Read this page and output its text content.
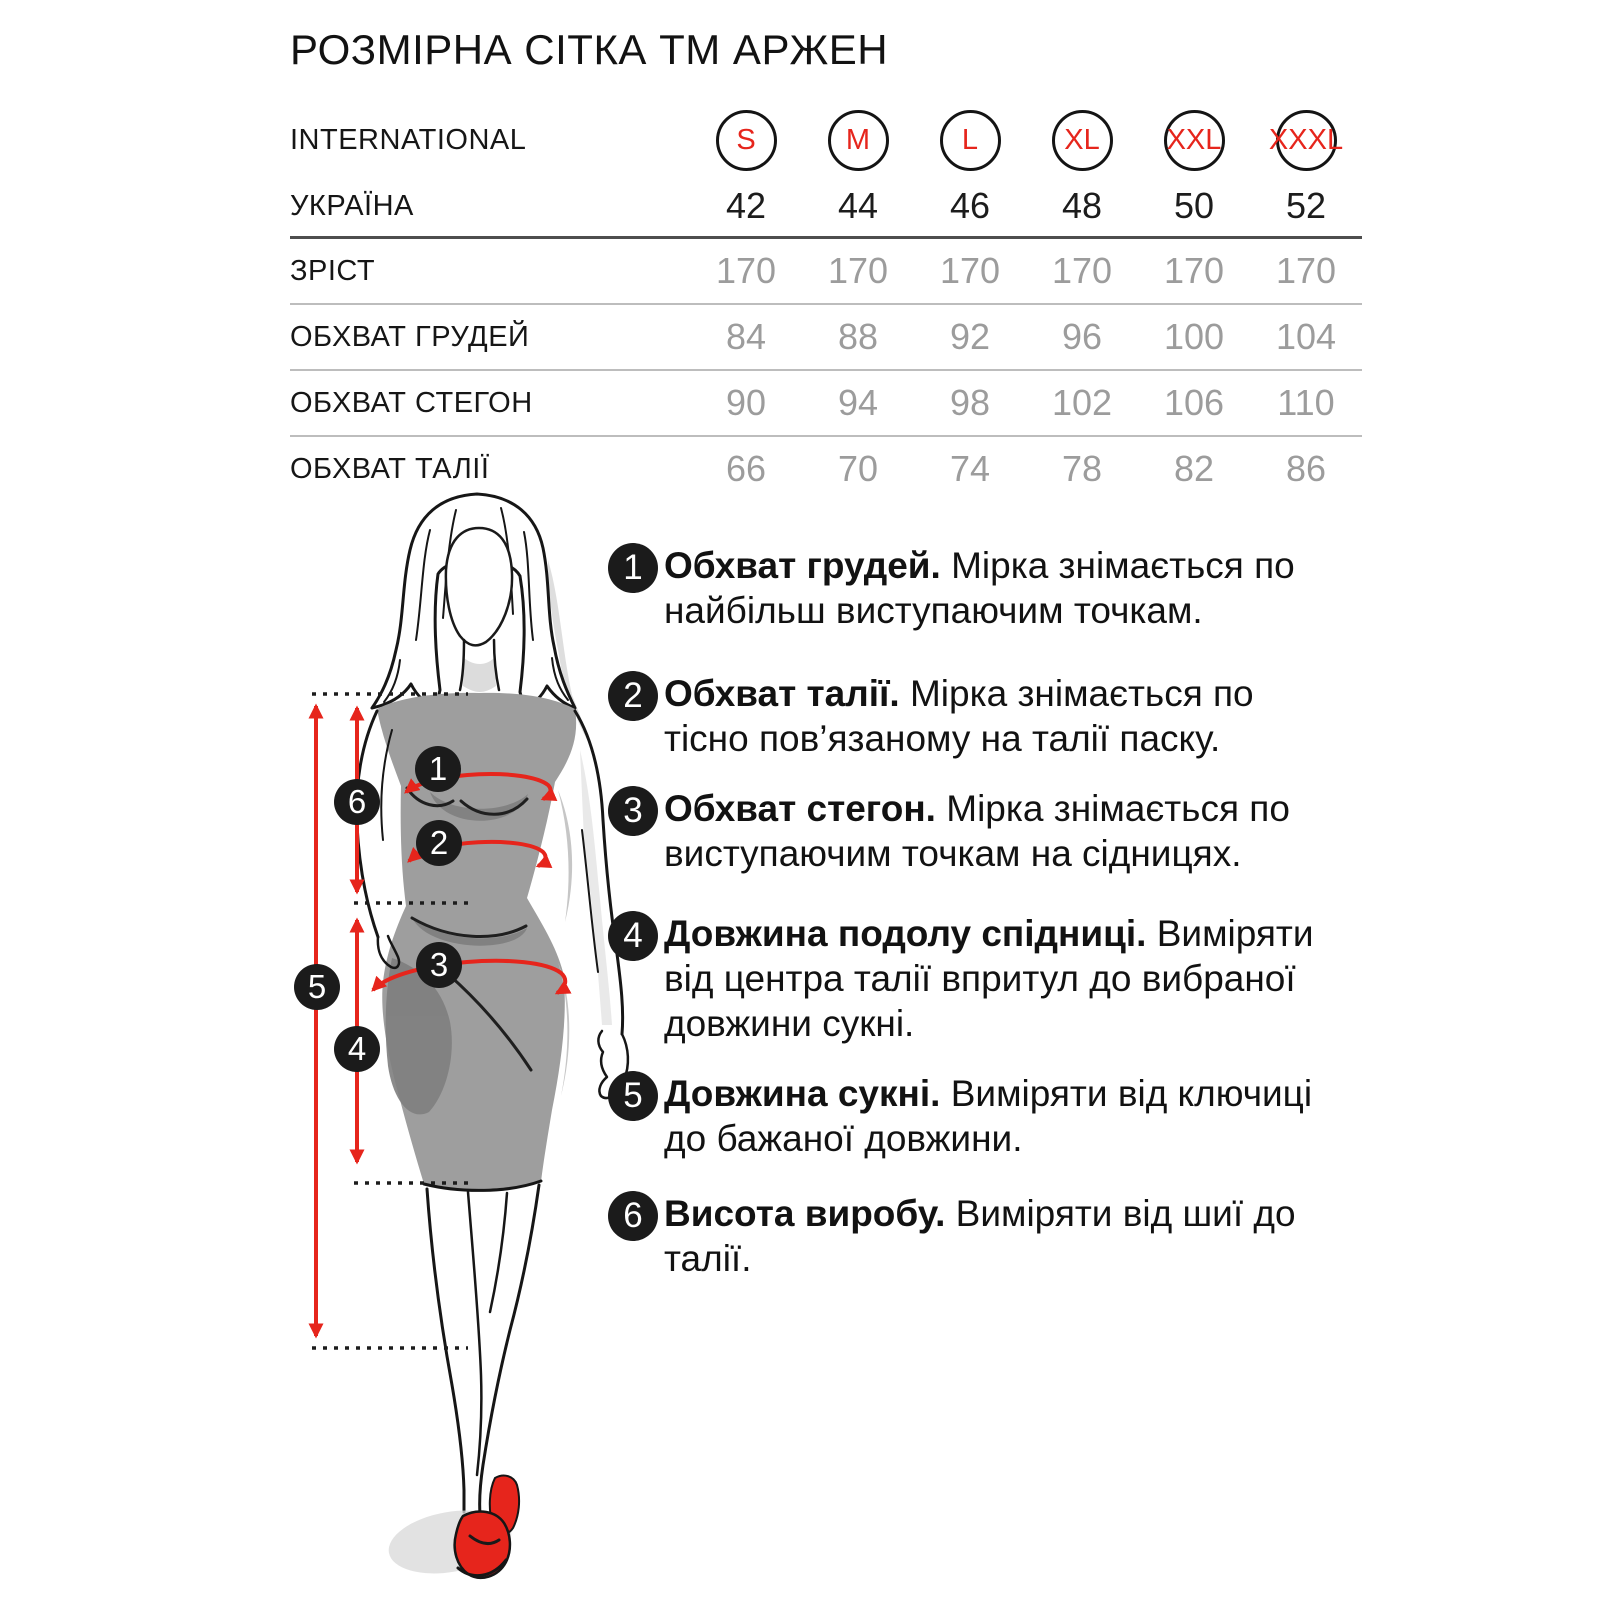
РОЗМІРНА СІТКА ТМ АРЖЕН
INTERNATIONAL	S	M	L	XL	XXL XXXL
УКРАЇНА	42	44	46	48	50	52
ЗРІСТ	170	170	170	170	170	170
ОБХВАТ ГРУДЕЙ	84	88	92	96	100	104
ОБХВАТ СТЕГОН	90	94	98	102	106	110
ОБХВАТ ТАЛІЇ	66	70	74	78	82	86
1
2
3
4
5
6
1 Обхват грудей. Мірка знімається по найбільш виступаючим точкам.
2 Обхват талії. Мірка знімається по тісно пов’язаному на талії паску.
3 Обхват стегон. Мірка знімається по виступаючим точкам на сідницях.
4 Довжина подолу спідниці. Виміряти від центра талії впритул до вибраної довжини сукні.
5 Довжина сукні. Виміряти від ключиці до бажаної довжини.
6 Висота виробу. Виміряти від шиї до талії.
